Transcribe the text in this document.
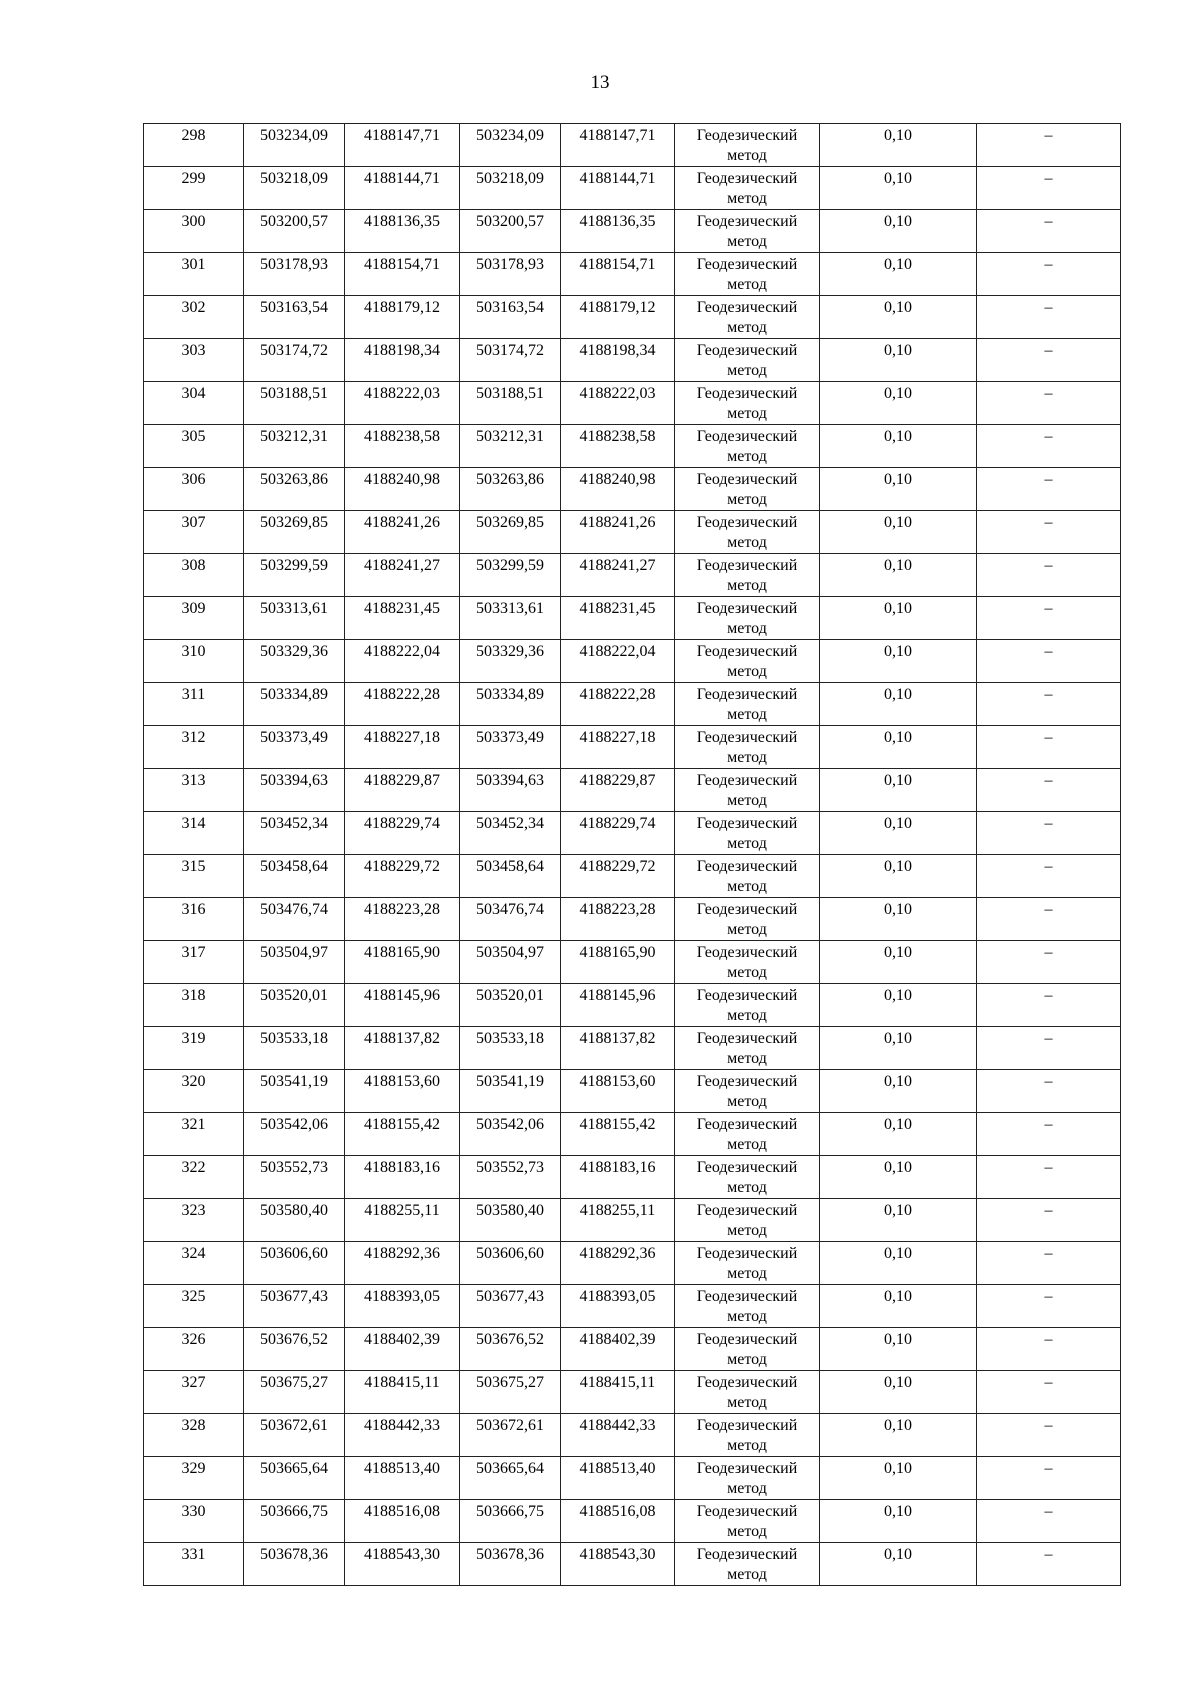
13
298	503234,09	4188147,71	503234,09	4188147,71	Геодезический метод	0,10	–
299	503218,09	4188144,71	503218,09	4188144,71	Геодезический метод	0,10	–
300	503200,57	4188136,35	503200,57	4188136,35	Геодезический метод	0,10	–
301	503178,93	4188154,71	503178,93	4188154,71	Геодезический метод	0,10	–
302	503163,54	4188179,12	503163,54	4188179,12	Геодезический метод	0,10	–
303	503174,72	4188198,34	503174,72	4188198,34	Геодезический метод	0,10	–
304	503188,51	4188222,03	503188,51	4188222,03	Геодезический метод	0,10	–
305	503212,31	4188238,58	503212,31	4188238,58	Геодезический метод	0,10	–
306	503263,86	4188240,98	503263,86	4188240,98	Геодезический метод	0,10	–
307	503269,85	4188241,26	503269,85	4188241,26	Геодезический метод	0,10	–
308	503299,59	4188241,27	503299,59	4188241,27	Геодезический метод	0,10	–
309	503313,61	4188231,45	503313,61	4188231,45	Геодезический метод	0,10	–
310	503329,36	4188222,04	503329,36	4188222,04	Геодезический метод	0,10	–
311	503334,89	4188222,28	503334,89	4188222,28	Геодезический метод	0,10	–
312	503373,49	4188227,18	503373,49	4188227,18	Геодезический метод	0,10	–
313	503394,63	4188229,87	503394,63	4188229,87	Геодезический метод	0,10	–
314	503452,34	4188229,74	503452,34	4188229,74	Геодезический метод	0,10	–
315	503458,64	4188229,72	503458,64	4188229,72	Геодезический метод	0,10	–
316	503476,74	4188223,28	503476,74	4188223,28	Геодезический метод	0,10	–
317	503504,97	4188165,90	503504,97	4188165,90	Геодезический метод	0,10	–
318	503520,01	4188145,96	503520,01	4188145,96	Геодезический метод	0,10	–
319	503533,18	4188137,82	503533,18	4188137,82	Геодезический метод	0,10	–
320	503541,19	4188153,60	503541,19	4188153,60	Геодезический метод	0,10	–
321	503542,06	4188155,42	503542,06	4188155,42	Геодезический метод	0,10	–
322	503552,73	4188183,16	503552,73	4188183,16	Геодезический метод	0,10	–
323	503580,40	4188255,11	503580,40	4188255,11	Геодезический метод	0,10	–
324	503606,60	4188292,36	503606,60	4188292,36	Геодезический метод	0,10	–
325	503677,43	4188393,05	503677,43	4188393,05	Геодезический метод	0,10	–
326	503676,52	4188402,39	503676,52	4188402,39	Геодезический метод	0,10	–
327	503675,27	4188415,11	503675,27	4188415,11	Геодезический метод	0,10	–
328	503672,61	4188442,33	503672,61	4188442,33	Геодезический метод	0,10	–
329	503665,64	4188513,40	503665,64	4188513,40	Геодезический метод	0,10	–
330	503666,75	4188516,08	503666,75	4188516,08	Геодезический метод	0,10	–
331	503678,36	4188543,30	503678,36	4188543,30	Геодезический метод	0,10	–
